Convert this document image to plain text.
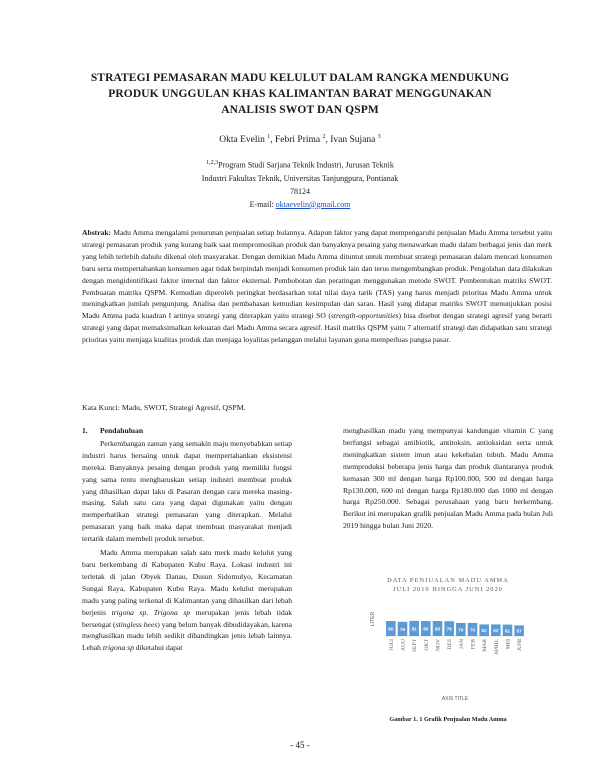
STRATEGI PEMASARAN MADU KELULUT DALAM RANGKA MENDUKUNG
PRODUK UNGGULAN KHAS KALIMANTAN BARAT MENGGUNAKAN
ANALISIS SWOT DAN QSPM
Okta Evelin $^1$, Febri Prima $^2$, Ivan Sujana $^3$
$^{1,2,3}$Program Studi Sarjana Teknik Industri, Jurusan Teknik
Industri Fakultas Teknik, Universitas Tanjungpura, Pontianak
78124
E-mail: oktaevelin@gmail.com
Abstrak: Madu Amma mengalami penurunan penjualan setiap bulannya. Adapun faktor yang dapat mempengaruhi penjualan Madu Amma tersebut yaitu strategi pemasaran produk yang kurang baik saat mempromosikan produk dan banyaknya pesaing yang menawarkan madu dalam berbagai jenis dan merk yang lebih terlebih dahulu dikenal oleh masyarakat. Dengan demikian Madu Amma dituntut untuk membuat strategi pemasaran dalam mencari konsumen baru serta mempertahankan konsumen agar tidak berpindah menjadi konsumen produk lain dan terus mengembangkan produk. Pengolahan data dilakukan dengan mengidentifikasi faktor internal dan faktor eksternal. Pembobotan dan peratingan menggunakan metode SWOT. Pembentukan matriks SWOT. Pembuatan matriks QSPM. Kemudian diperoleh peringkat berdasarkan total nilai daya tarik (TAS) yang harus menjadi prioritas Madu Amma untuk meningkatkan jumlah pengunjung. Analisa dan pembahasan kemudian kesimpulan dan saran. Hasil yang didapat matriks SWOT menunjukkan posisi Madu Amma pada kuadran I artinya strategi yang diterapkan yaitu strategi SO (strength-opportunities) bisa disebut dengan strategi agresif yang berarti strategi yang dapat memaksimalkan kekuatan dari Madu Amma secara agresif. Hasil matriks QSPM yaitu 7 alternatif strategi dan didapatkan satu strategi prioritas yaitu menjaga kualitas produk dan menjaga loyalitas pelanggan melalui layanan guna memperluas pangsa pasar.
Kata Kunci: Madu, SWOT, Strategi Agresif, QSPM.
1. Pendahuluan

Perkembangan zaman yang semakin maju menyebabkan setiap industri harus bersaing untuk dapat mempertahankan eksistensi mereka. Banyaknya pesaing dengan produk yang memiliki fungsi yang sama tentu mengharuskan setiap industri membuat produk yang dihasilkan dapat laku di Pasaran dengan cara mereka masing-masing. Salah satu cara yang dapat digunakan yaitu dengan memperhatikan strategi pemasaran yang diterapkan. Melalui pemasaran yang baik maka dapat membuat masyarakat menjadi tertarik dalam membeli produk tersebut.

Madu Amma merupakan salah satu merk madu kelulut yang baru berkembang di Kabupaten Kubu Raya. Lokasi industri ini terletak di jalan Obyek Danau, Dusun Sidomulyo, Kecamatan Sungai Raya, Kabupaten Kubu Raya. Madu kelulut merupakan madu yang paling terkenal di Kalimantan yang dihasilkan dari lebah berjenis trigona sp. Trigona sp merupakan jenis lebah tidak bersengat (stingless bees) yang belum banyak dibudidayakan, karena menghasilkan madu lebih sedikit dibandingkan jenis lebah lainnya. Lebah trigona sp diketahui dapat

menghasilkan madu yang mempunyai kandungan vitamin C yang berfungsi sebagai antibiotik, antitoksin, antioksidan serta untuk meningkatkan sistem imun atau kekebalan tubuh. Madu Amma memproduksi beberapa jenis harga dan produk diantaranya produk kemasan 300 ml dengan harga Rp100.000, 500 ml dengan harga Rp130.000, 600 ml dengan harga Rp180.000 dan 1000 ml dengan harga Rp250.000. Sebagai perusahaan yang baru berkembang. Berikut ini merupakan grafik penjualan Madu Amma pada bulan Juli 2019 hingga bulan Juni 2020.
DATA PENJUALAN MADU AMMA
JULI 2019 HINGGA JUNI 2020
LITER
80
JULI
76
AGU
81
SEPT
80
OKT
80
NOV
79
DES
70
JAN
70
FEB
62
MAR
62
APRIL
61
MEI
57
JUNI
AXIS TITLE
Gambar 1. 1 Grafik Penjualan Madu Amma
- 45 -
